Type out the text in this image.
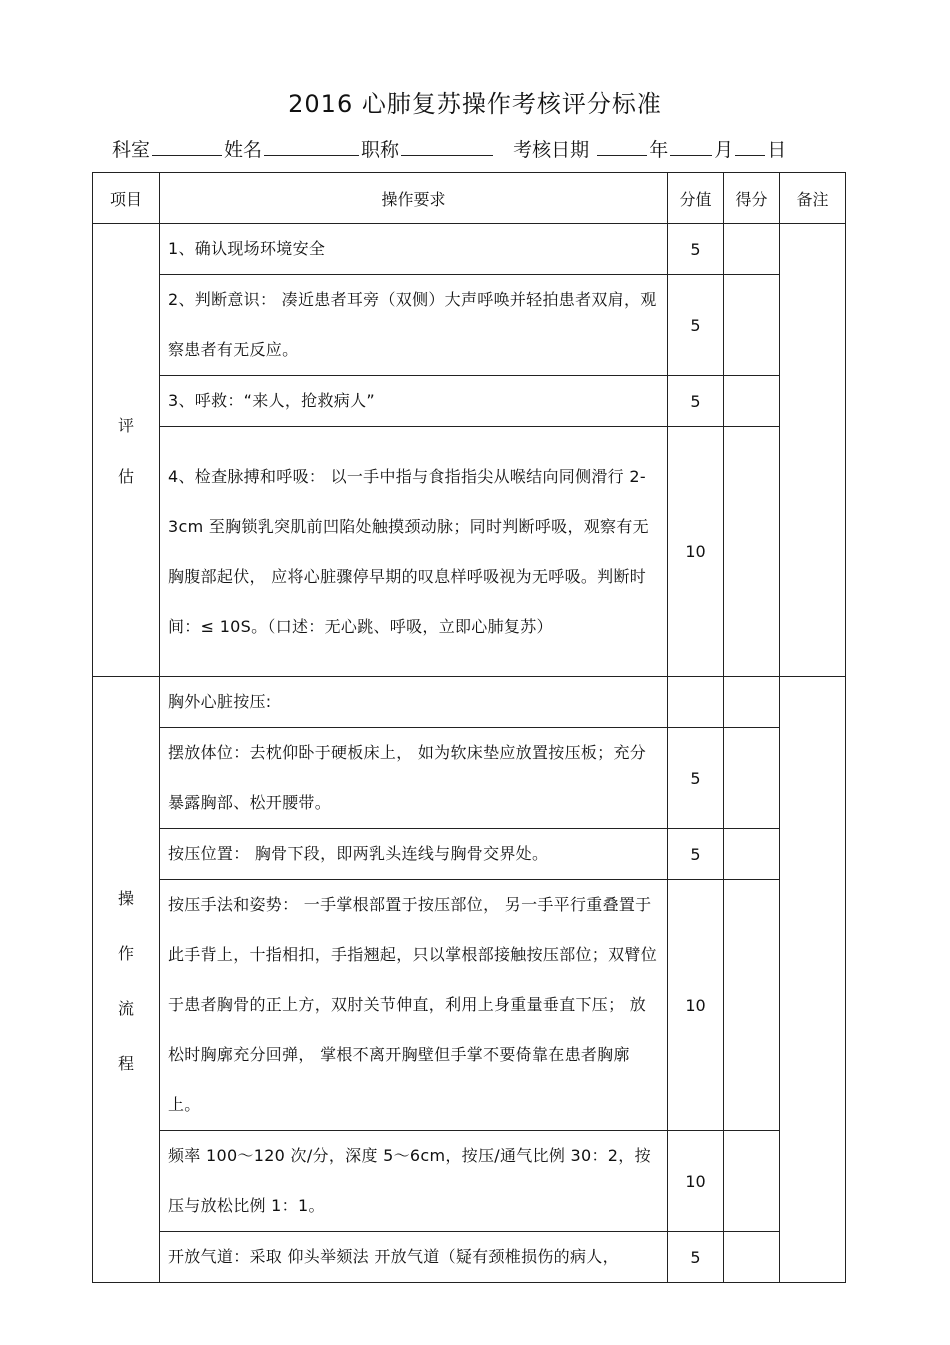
2016 心肺复苏操作考核评分标准
科室	姓名	职称	考核日期	年 月 日
项目	操作要求	分值	得分	备注

评
估	1、确认现场环境安全	5		
	2、判断意识： 凑近患者耳旁（双侧）大声呼唤并轻拍患者双肩，观察患者有无反应。	5		
	3、呼救：“来人，抢救病人”	5		
	4、检查脉搏和呼吸： 以一手中指与食指指尖从喉结向同侧滑行 2-3cm 至胸锁乳突肌前凹陷处触摸颈动脉；同时判断呼吸，观察有无胸腹部起伏， 应将心脏骤停早期的叹息样呼吸视为无呼吸。判断时间：≤ 10S。（口述：无心跳、呼吸，立即心肺复苏）	10		

操
作
流
程	胸外心脏按压:			
	摆放体位：去枕仰卧于硬板床上， 如为软床垫应放置按压板；充分暴露胸部、松开腰带。	5		
	按压位置： 胸骨下段，即两乳头连线与胸骨交界处。	5		
	按压手法和姿势： 一手掌根部置于按压部位， 另一手平行重叠置于此手背上，十指相扣，手指翘起，只以掌根部接触按压部位；双臂位于患者胸骨的正上方，双肘关节伸直，利用上身重量垂直下压； 放松时胸廓充分回弹， 掌根不离开胸壁但手掌不要倚靠在患者胸廓上。	10		
	频率 100～120 次/分，深度 5～6cm，按压/通气比例 30：2，按压与放松比例 1：1。	10		
	开放气道：采取 仰头举颏法 开放气道（疑有颈椎损伤的病人，	5		
